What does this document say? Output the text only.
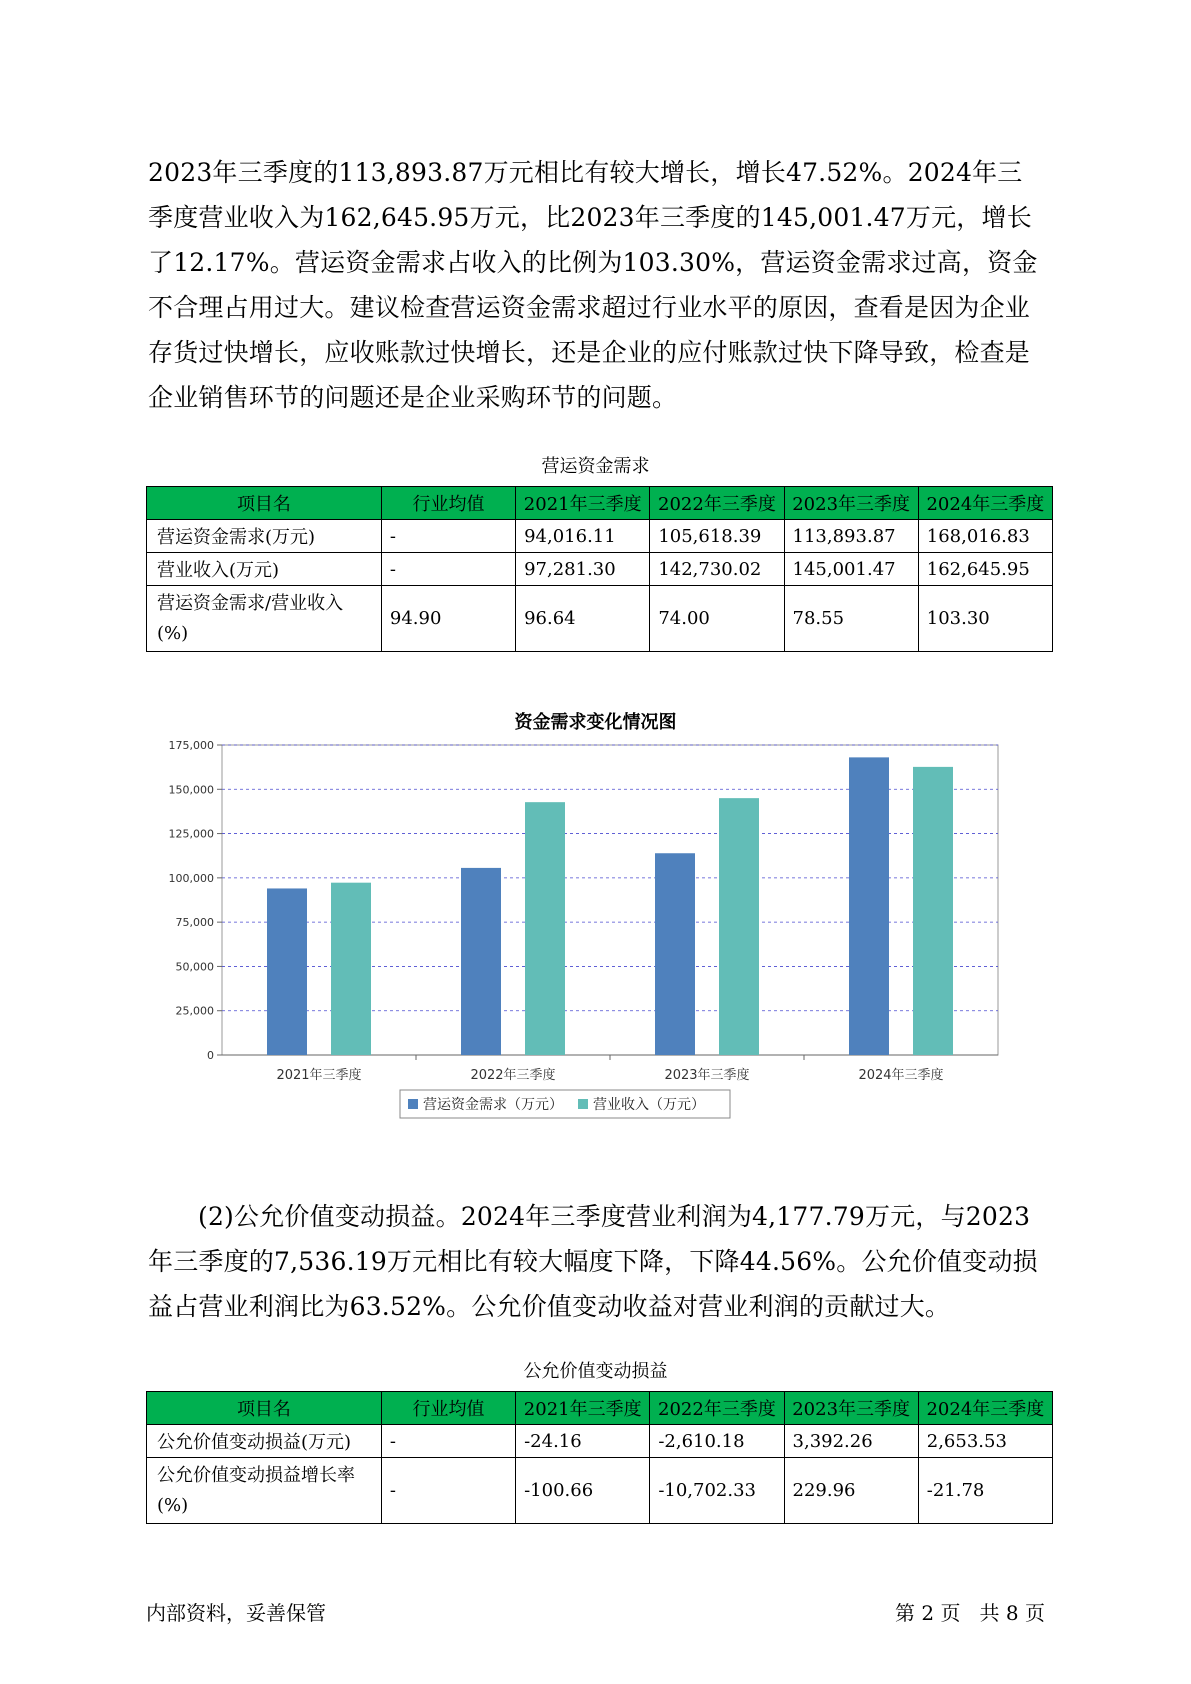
2023年三季度的113,893.87万元相比有较大增长，增长47.52%。2024年三季度营业收入为162,645.95万元，比2023年三季度的145,001.47万元，增长了12.17%。营运资金需求占收入的比例为103.30%，营运资金需求过高，资金不合理占用过大。建议检查营运资金需求超过行业水平的原因，查看是因为企业存货过快增长，应收账款过快增长，还是企业的应付账款过快下降导致，检查是企业销售环节的问题还是企业采购环节的问题。

营运资金需求
项目名	行业均值	2021年三季度	2022年三季度	2023年三季度	2024年三季度
营运资金需求(万元)	-	94,016.11	105,618.39	113,893.87	168,016.83
营业收入(万元)	-	97,281.30	142,730.02	145,001.47	162,645.95
营运资金需求/营业收入(%)	94.90	96.64	74.00	78.55	103.30
资金需求变化情况图
0
25,000
50,000
75,000
100,000
125,000
150,000
175,000
2021年三季度	2022年三季度	2023年三季度	2024年三季度
营运资金需求（万元） 营业收入（万元）

(2)公允价值变动损益。2024年三季度营业利润为4,177.79万元，与2023年三季度的7,536.19万元相比有较大幅度下降，下降44.56%。公允价值变动损益占营业利润比为63.52%。公允价值变动收益对营业利润的贡献过大。

公允价值变动损益
项目名	行业均值	2021年三季度	2022年三季度	2023年三季度	2024年三季度
公允价值变动损益(万元)	-	-24.16	-2,610.18	3,392.26	2,653.53
公允价值变动损益增长率(%)	-	-100.66	-10,702.33	229.96	-21.78
内部资料，妥善保管	第 2 页   共 8 页
